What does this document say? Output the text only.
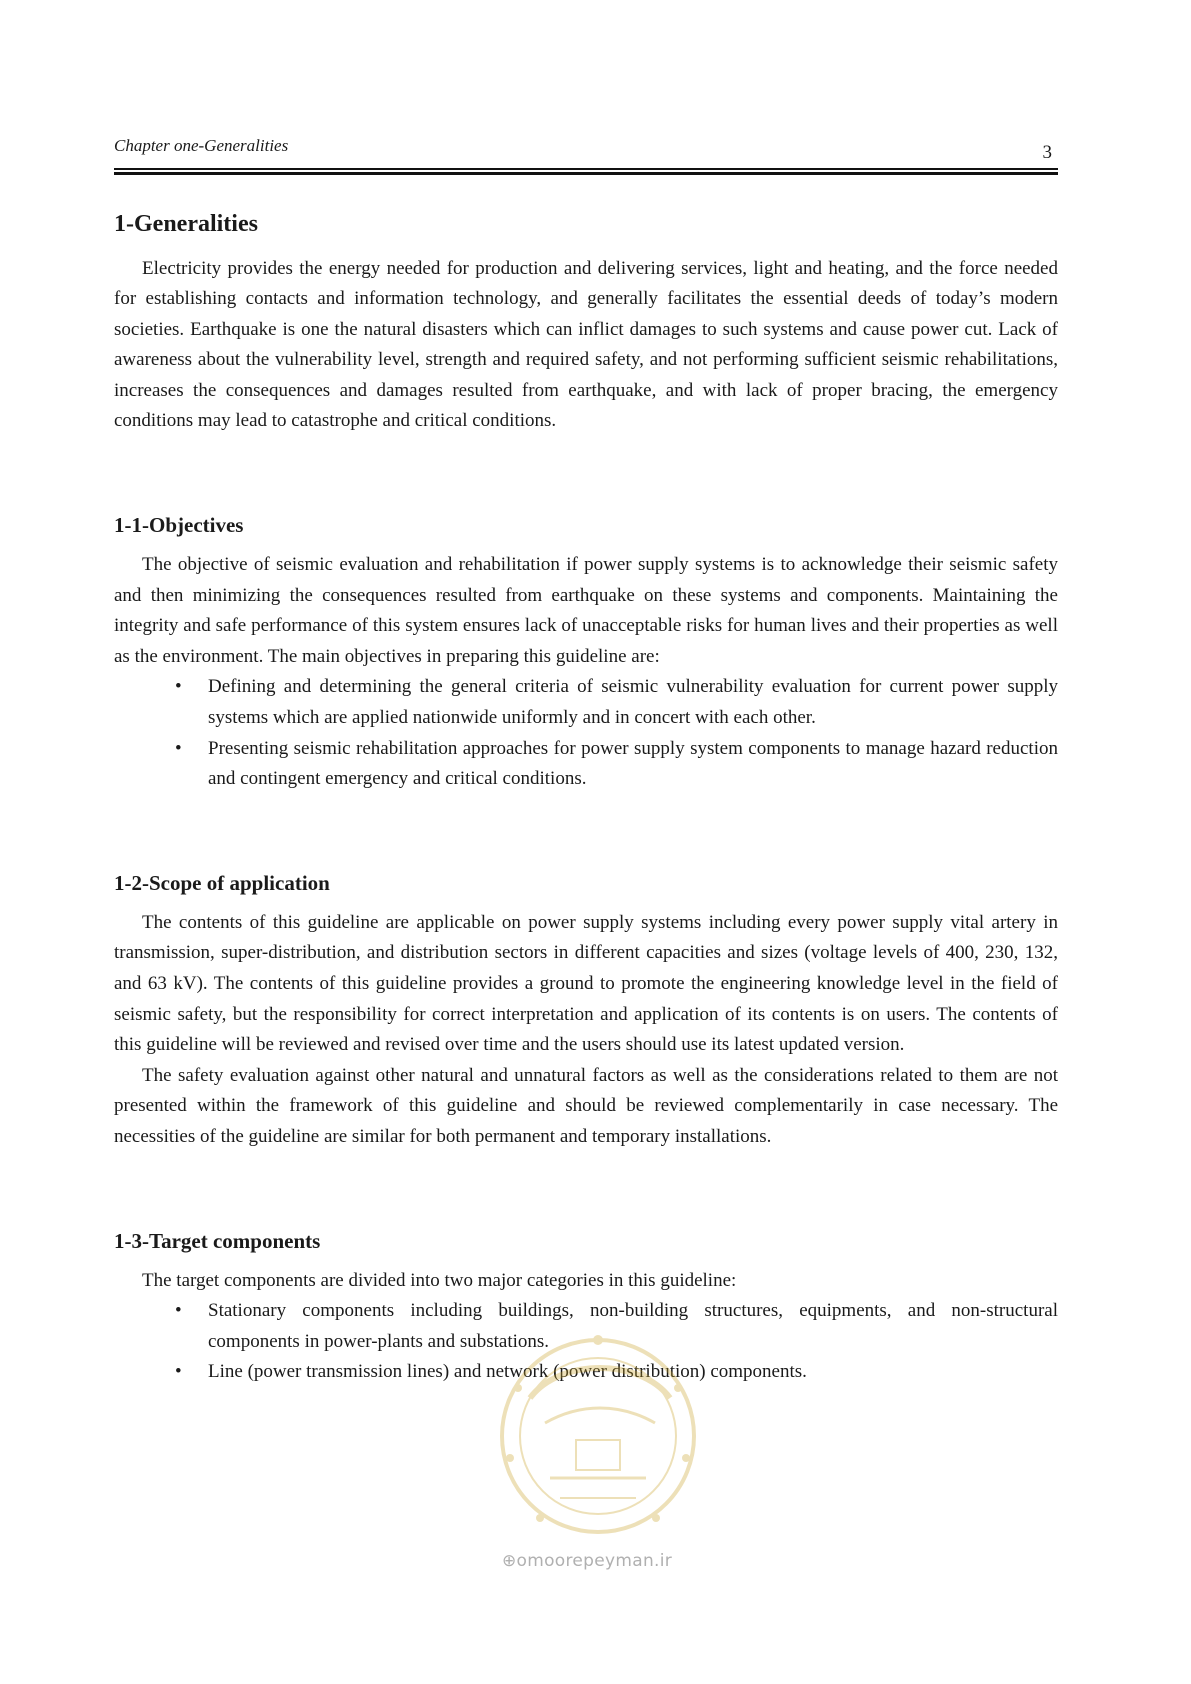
Chapter one-Generalities	3
1-Generalities

Electricity provides the energy needed for production and delivering services, light and heating, and the force needed for establishing contacts and information technology, and generally facilitates the essential deeds of today’s modern societies. Earthquake is one the natural disasters which can inflict damages to such systems and cause power cut. Lack of awareness about the vulnerability level, strength and required safety, and not performing sufficient seismic rehabilitations, increases the consequences and damages resulted from earthquake, and with lack of proper bracing, the emergency conditions may lead to catastrophe and critical conditions.

1-1-Objectives

The objective of seismic evaluation and rehabilitation if power supply systems is to acknowledge their seismic safety and then minimizing the consequences resulted from earthquake on these systems and components. Maintaining the integrity and safe performance of this system ensures lack of unacceptable risks for human lives and their properties as well as the environment. The main objectives in preparing this guideline are:

• Defining and determining the general criteria of seismic vulnerability evaluation for current power supply systems which are applied nationwide uniformly and in concert with each other.
• Presenting seismic rehabilitation approaches for power supply system components to manage hazard reduction and contingent emergency and critical conditions.
1-2-Scope of application

The contents of this guideline are applicable on power supply systems including every power supply vital artery in transmission, super-distribution, and distribution sectors in different capacities and sizes (voltage levels of 400, 230, 132, and 63 kV). The contents of this guideline provides a ground to promote the engineering knowledge level in the field of seismic safety, but the responsibility for correct interpretation and application of its contents is on users. The contents of this guideline will be reviewed and revised over time and the users should use its latest updated version.

The safety evaluation against other natural and unnatural factors as well as the considerations related to them are not presented within the framework of this guideline and should be reviewed complementarily in case necessary. The necessities of the guideline are similar for both permanent and temporary installations.

1-3-Target components

The target components are divided into two major categories in this guideline:

• Stationary components including buildings, non-building structures, equipments, and non-structural components in power-plants and substations.
• Line (power transmission lines) and network (power distribution) components.
⊕omoorepeyman.ir
